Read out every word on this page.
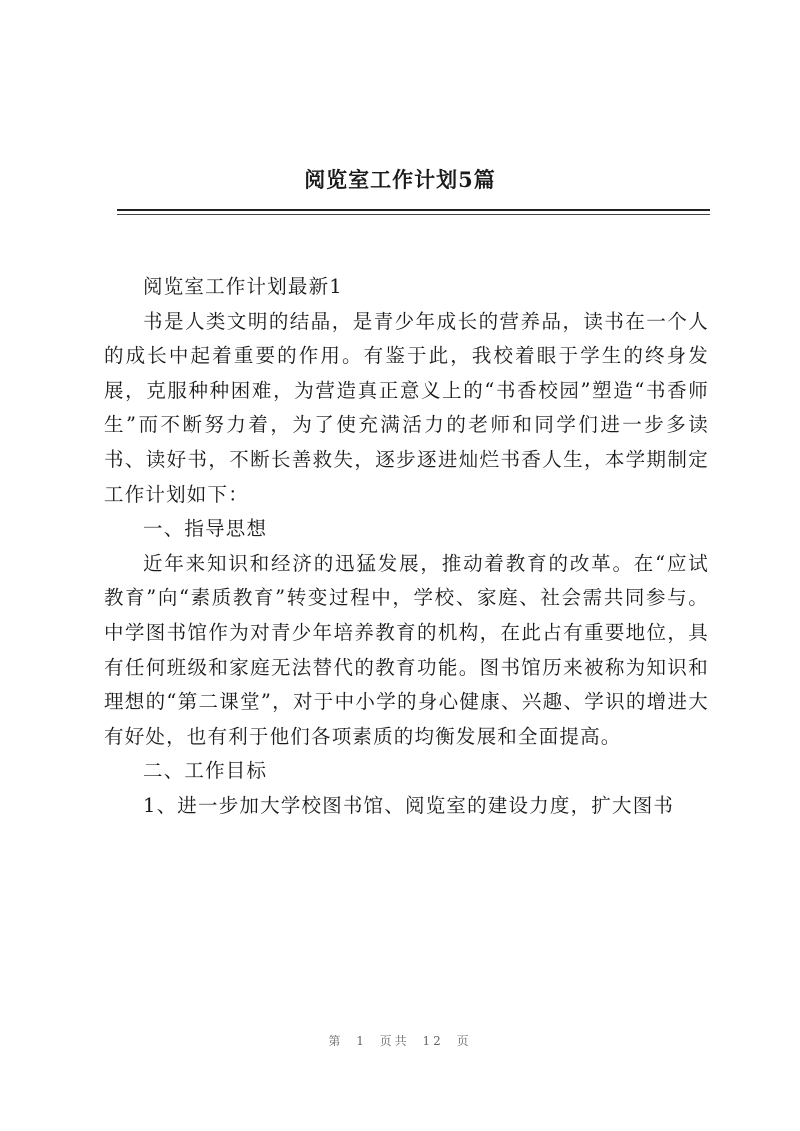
阅览室工作计划5篇

阅览室工作计划最新1

书是人类文明的结晶，是青少年成长的营养品，读书在一个人的成长中起着重要的作用。有鉴于此，我校着眼于学生的终身发展，克服种种困难，为营造真正意义上的“书香校园”塑造“书香师生”而不断努力着，为了使充满活力的老师和同学们进一步多读书、读好书，不断长善救失，逐步逐进灿烂书香人生，本学期制定工作计划如下：

一、指导思想

近年来知识和经济的迅猛发展，推动着教育的改革。在“应试教育”向“素质教育”转变过程中，学校、家庭、社会需共同参与。中学图书馆作为对青少年培养教育的机构，在此占有重要地位，具有任何班级和家庭无法替代的教育功能。图书馆历来被称为知识和理想的“第二课堂”，对于中小学的身心健康、兴趣、学识的增进大有好处，也有利于他们各项素质的均衡发展和全面提高。

二、工作目标

1、进一步加大学校图书馆、阅览室的建设力度，扩大图书

第 1 页共 12 页
